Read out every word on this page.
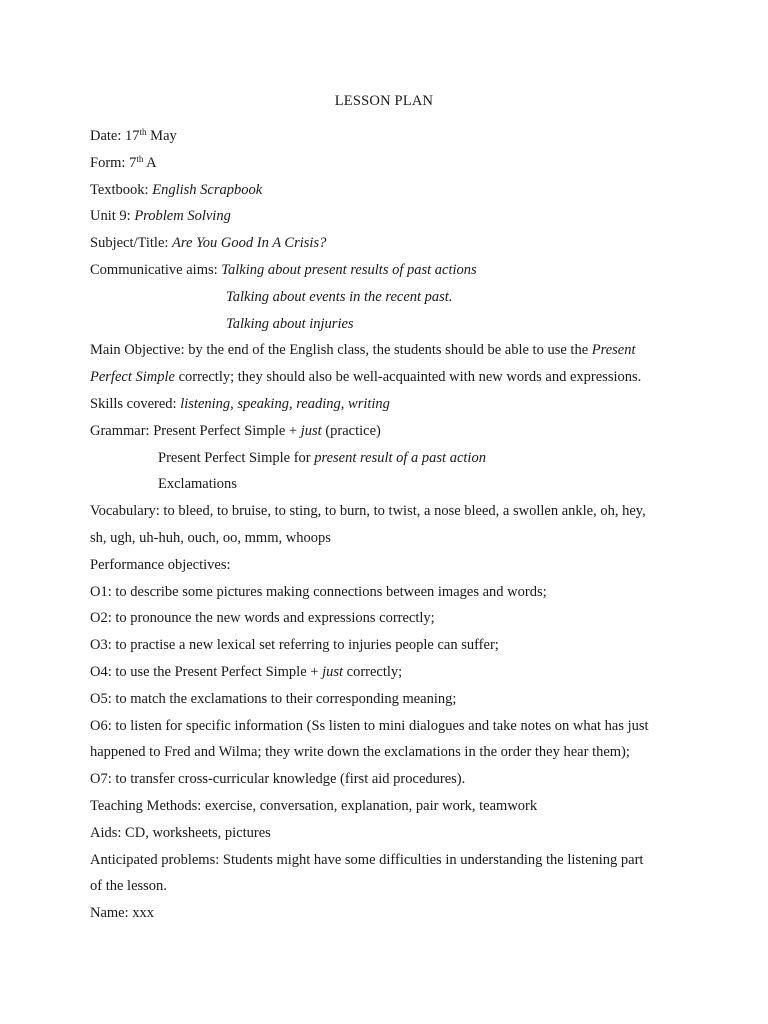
LESSON PLAN
Date: 17th May
Form: 7th A
Textbook: English Scrapbook
Unit 9: Problem Solving
Subject/Title: Are You Good In A Crisis?
Communicative aims: Talking about present results of past actions
Talking about events in the recent past.
Talking about injuries
Main Objective: by the end of the English class, the students should be able to use the Present
Perfect Simple correctly; they should also be well-acquainted with new words and expressions.
Skills covered: listening, speaking, reading, writing
Grammar: Present Perfect Simple + just (practice)
Present Perfect Simple for present result of a past action
Exclamations
Vocabulary: to bleed, to bruise, to sting, to burn, to twist, a nose bleed, a swollen ankle, oh, hey,
sh, ugh, uh-huh, ouch, oo, mmm, whoops
Performance objectives:
O1: to describe some pictures making connections between images and words;
O2: to pronounce the new words and expressions correctly;
O3: to practise a new lexical set referring to injuries people can suffer;
O4: to use the Present Perfect Simple + just correctly;
O5: to match the exclamations to their corresponding meaning;
O6: to listen for specific information (Ss listen to mini dialogues and take notes on what has just
happened to Fred and Wilma; they write down the exclamations in the order they hear them);
O7: to transfer cross-curricular knowledge (first aid procedures).
Teaching Methods: exercise, conversation, explanation, pair work, teamwork
Aids: CD, worksheets, pictures
Anticipated problems: Students might have some difficulties in understanding the listening part
of the lesson.
Name: xxx
